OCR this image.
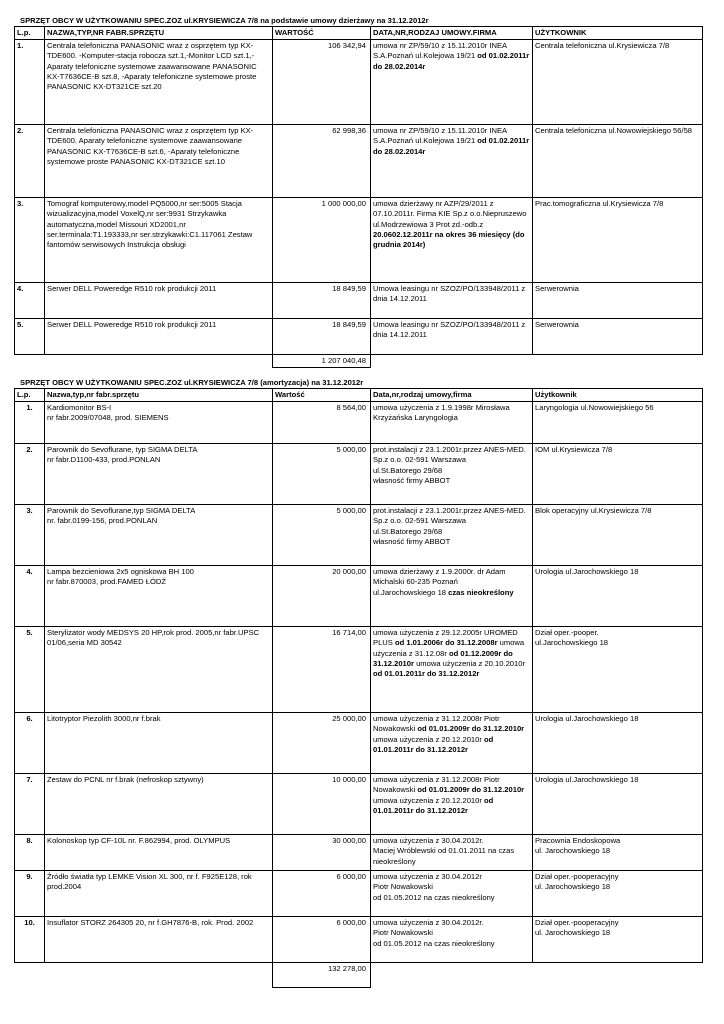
SPRZĘT OBCY W UŻYTKOWANIU SPEC.ZOZ ul.KRYSIEWICZA 7/8 na podstawie umowy dzierżawy na 31.12.2012r
L.p.	NAZWA,TYP,NR FABR.SPRZĘTU	WARTOŚĆ	DATA,NR,RODZAJ UMOWY.FIRMA	UŻYTKOWNIK
1.	Centrala telefoniczna PANASONIC wraz z osprzętem typ KX-TDE600. -Komputer-stacja robocza szt.1,-Monitor LCD szt.1,-Aparaty telefoniczne systemowe zaawansowane PANASONIC KX-T7636CE-B szt.8, -Aparaty telefoniczne systemowe proste PANASONIC KX-DT321CE szt.20	106 342,94	umowa nr ZP/59/10 z 15.11.2010r INEA S.A.Poznań ul.Kolejowa 19/21 od 01.02.2011r do 28.02.2014r	Centrala telefoniczna ul.Krysiewicza 7/8
2.	Centrala telefoniczna PANASONIC wraz z osprzętem typ KX-TDE600. Aparaty telefoniczne systemowe zaawansowane PANASONIC KX-T7636CE-B szt.6, -Aparaty telefoniczne systemowe proste PANASONIC KX-DT321CE szt.10	62 998,36	umowa nr ZP/59/10 z 15.11.2010r INEA S.A.Poznań ul.Kolejowa 19/21 od 01.02.2011r do 28.02.2014r	Centrala telefoniczna ul.Nowowiejskiego 56/58
3.	Tomograf komputerowy,model PQ5000,nr ser:5005 Stacja wizualizacyjna,model VoxelQ,nr ser:9931 Strzykawka automatyczna,model Missouri XD2001,nr ser.terminala:T1.193333,nr ser.strzykawki:C1.117061 Zestaw fantomów serwisowych Instrukcja obsługi	1 000 000,00	umowa dzierżawy nr AZP/29/2011 z 07.10.2011r. Firma KIE Sp.z o.o.Niepruszewo ul.Modrzewiowa 3 Prot zd.-odb.z 20.0602.12.2011r na okres 36 miesięcy (do grudnia 2014r)	Prac.tomograficzna ul.Krysiewicza 7/8
4.	Serwer DELL Poweredge R510 rok produkcji 2011	18 849,59	Umowa leasingu nr SZOZ/PO/133948/2011 z dnia 14.12.2011	Serwerownia
5.	Serwer DELL Poweredge R510 rok produkcji 2011	18 849,59	Umowa leasingu nr SZOZ/PO/133948/2011 z dnia 14.12.2011	Serwerownia
		1 207 040,48		
SPRZĘT OBCY W UŻYTKOWANIU SPEC.ZOZ ul.KRYSIEWICZA 7/8 (amortyzacja) na 31.12.2012r
L.p.	Nazwa,typ,nr fabr.sprzętu	Wartość	Data,nr,rodzaj umowy,firma	Użytkownik
1.	Kardiomonitor BS-I
nr fabr.2009/07048, prod. SIEMENS	8 564,00	umowa użyczenia z 1.9.1998r Mirosława Krzyżańska Laryngologia	Laryngologia ul.Nowowiejskiego 56
2.	Parownik do Sevoflurane, typ SIGMA DELTA
nr fabr.D1100-433, prod.PONLAN	5 000,00	prot.instalacji z 23.1.2001r.przez ANES-MED. Sp.z o.o. 02-591 Warszawa
ul.St.Batorego 29/68
własność firmy ABBOT	IOM ul.Krysiewicza 7/8
3.	Parownik do Sevoflurane,typ SIGMA DELTA
nr. fabr.0199-156, prod.PONLAN	5 000,00	prot.instalacji z 23.1.2001r.przez ANES-MED. Sp.z o.o. 02-591 Warszawa
ul.St.Batorego 29/68
własność firmy ABBOT	Blok operacyjny ul.Krysiewicza 7/8
4.	Lampa bezcieniowa 2x5 ogniskowa BH 100
nr fabr.870003, prod.FAMED ŁÓDŹ	20 000,00	umowa dzierżawy z 1.9.2000r. dr Adam Michalski 60-235 Poznań
ul.Jarochowskiego 18 czas nieokreślony	Urologia ul.Jarochowskiego 18
5.	Sterylizator wody MEDSYS 20 HP,rok prod. 2005,nr fabr.UPSC 01/06,seria MD 30542	16 714,00	umowa użyczenia z 29.12.2005r UROMED PLUS od 1.01.2006r do 31.12.2008r umowa użyczenia z 31.12.08r od 01.12.2009r do 31.12.2010r umowa użyczenia z 20.10.2010r od 01.01.2011r do 31.12.2012r	Dział oper.-pooper.
ul.Jarochowskiego 18
6.	Litotryptor Piezolith 3000,nr f.brak	25 000,00	umowa użyczenia z 31.12.2008r Piotr Nowakowski od 01.01.2009r do 31.12.2010r umowa użyczenia z 20.12.2010r od 01.01.2011r do 31.12.2012r	Urologia ul.Jarochowskiego 18
7.	Zestaw do PCNL nr f.brak (nefroskop sztywny)	10 000,00	umowa użyczenia z 31.12.2008r Piotr Nowakowski od 01.01.2009r do 31.12.2010r umowa użyczenia z 20.12.2010r od 01.01.2011r do 31.12.2012r	Urologia ul.Jarochowskiego 18
8.	Kolonoskop typ CF-10L nr. F.862994, prod. OLYMPUS	30 000,00	umowa użyczenia z 30.04.2012r.
Maciej Wróblewski od 01.01.2011 na czas nieokreślony	Pracownia Endoskopowa
ul. Jarochowskiego 18
9.	Źródło światła typ LEMKE Vision XL 300, nr f. F925E128, rok prod.2004	6 000,00	umowa użyczenia z 30.04.2012r
Piotr Nowakowski
od 01.05.2012 na czas nieokreślony	Dział oper.-pooperacyjny
ul. Jarochowskiego 18
10.	Insuflator STORZ 264305 20, nr f.GH7876-B, rok. Prod. 2002	6 000,00	umowa użyczenia z 30.04.2012r.
Piotr Nowakowski
od 01.05.2012 na czas nieokreślony	Dział oper.-pooperacyjny
ul. Jarochowskiego 18
		132 278,00		
